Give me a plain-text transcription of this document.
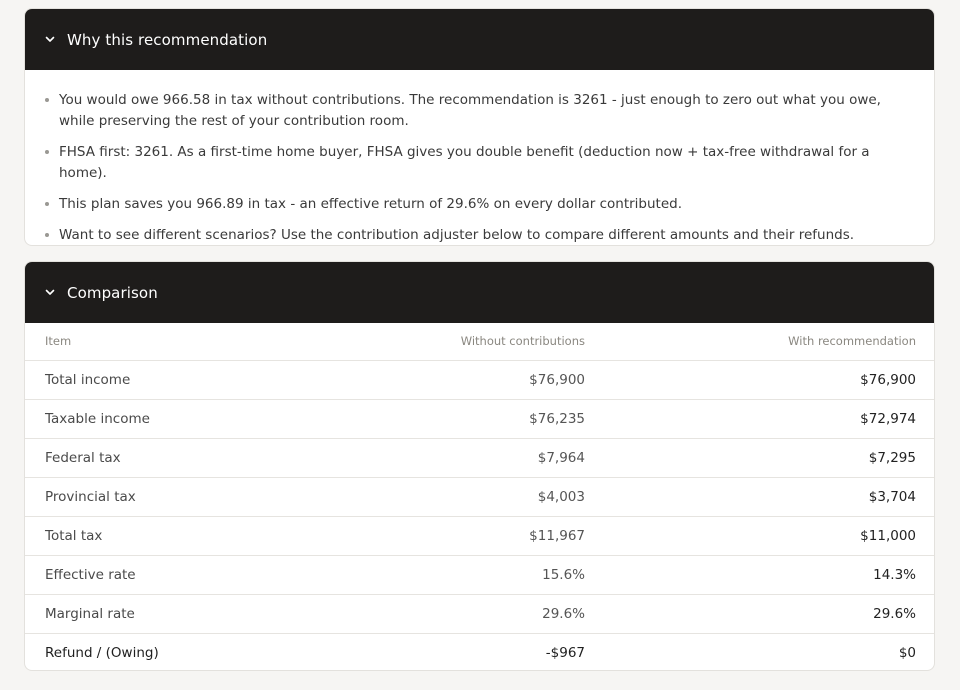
Why this recommendation
You would owe 966.58 in tax without contributions. The recommendation is 3261 - just enough to zero out what you owe, while preserving the rest of your contribution room.
FHSA first: 3261. As a first-time home buyer, FHSA gives you double benefit (deduction now + tax-free withdrawal for a home).
This plan saves you 966.89 in tax - an effective return of 29.6% on every dollar contributed.
Want to see different scenarios? Use the contribution adjuster below to compare different amounts and their refunds.
Comparison
Item	Without contributions	With recommendation
Total income	$76,900	$76,900
Taxable income	$76,235	$72,974
Federal tax	$7,964	$7,295
Provincial tax	$4,003	$3,704
Total tax	$11,967	$11,000
Effective rate	15.6%	14.3%
Marginal rate	29.6%	29.6%
Refund / (Owing)	-$967	$0
